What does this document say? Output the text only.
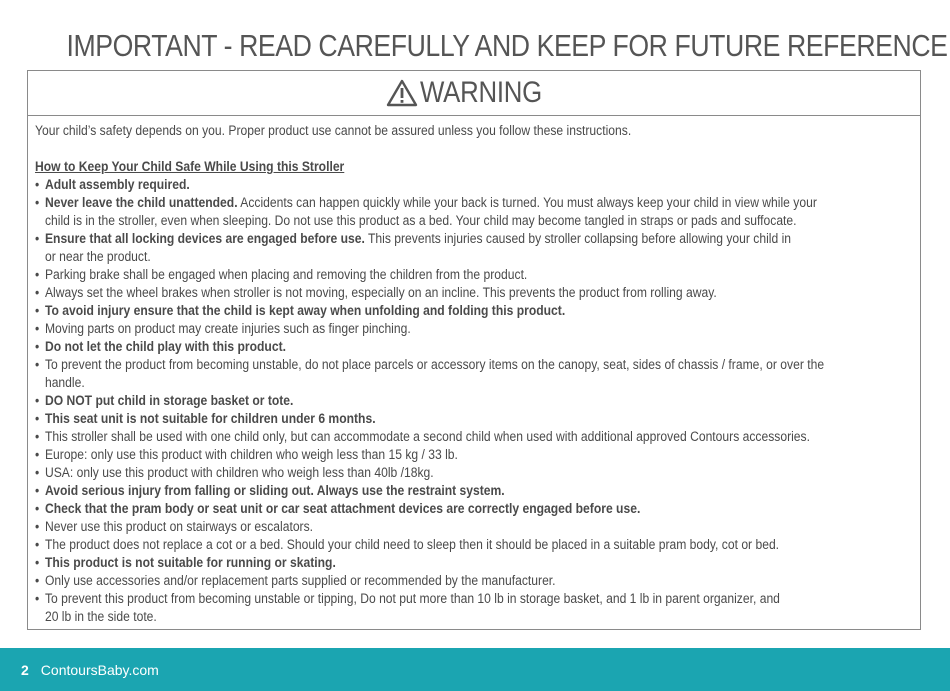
IMPORTANT - READ CAREFULLY AND KEEP FOR FUTURE REFERENCE
WARNING
Your child’s safety depends on you. Proper product use cannot be assured unless you follow these instructions.
How to Keep Your Child Safe While Using this Stroller
• Adult assembly required.
• Never leave the child unattended. Accidents can happen quickly while your back is turned. You must always keep your child in view while your
child is in the stroller, even when sleeping. Do not use this product as a bed. Your child may become tangled in straps or pads and suffocate.
• Ensure that all locking devices are engaged before use. This prevents injuries caused by stroller collapsing before allowing your child in
or near the product.
• Parking brake shall be engaged when placing and removing the children from the product.
• Always set the wheel brakes when stroller is not moving, especially on an incline. This prevents the product from rolling away.
• To avoid injury ensure that the child is kept away when unfolding and folding this product.
• Moving parts on product may create injuries such as finger pinching.
• Do not let the child play with this product.
• To prevent the product from becoming unstable, do not place parcels or accessory items on the canopy, seat, sides of chassis / frame, or over the
handle.
• DO NOT put child in storage basket or tote.
• This seat unit is not suitable for children under 6 months.
• This stroller shall be used with one child only, but can accommodate a second child when used with additional approved Contours accessories.
• Europe: only use this product with children who weigh less than 15 kg / 33 lb.
• USA: only use this product with children who weigh less than 40lb /18kg.
• Avoid serious injury from falling or sliding out. Always use the restraint system.
• Check that the pram body or seat unit or car seat attachment devices are correctly engaged before use.
• Never use this product on stairways or escalators.
• The product does not replace a cot or a bed. Should your child need to sleep then it should be placed in a suitable pram body, cot or bed.
• This product is not suitable for running or skating.
• Only use accessories and/or replacement parts supplied or recommended by the manufacturer.
• To prevent this product from becoming unstable or tipping, Do not put more than 10 lb in storage basket, and 1 lb in parent organizer, and
20 lb in the side tote.
2 ContoursBaby.com
